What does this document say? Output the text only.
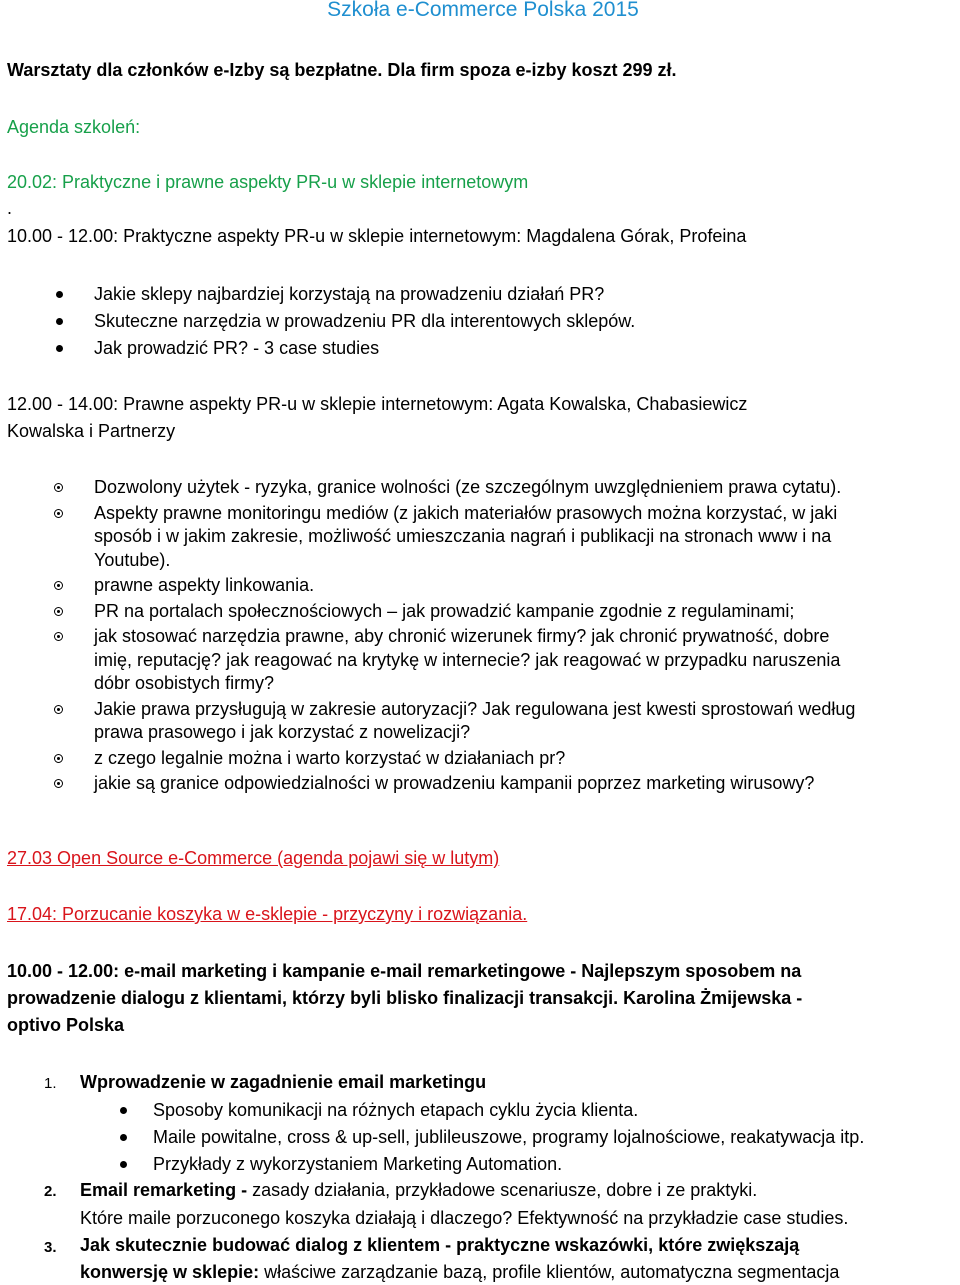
Szkoła e-Commerce Polska 2015
Warsztaty dla członków e-Izby są bezpłatne. Dla firm spoza e-izby koszt 299 zł.
Agenda szkoleń:
20.02: Praktyczne i prawne aspekty PR-u w sklepie internetowym
.
10.00 - 12.00: Praktyczne aspekty PR-u w sklepie internetowym: Magdalena Górak, Profeina
Jakie sklepy najbardziej korzystają na prowadzeniu działań PR?
Skuteczne narzędzia w prowadzeniu PR dla interentowych sklepów.
Jak prowadzić PR? - 3 case studies
12.00 - 14.00: Prawne aspekty PR-u w sklepie internetowym: Agata Kowalska, Chabasiewicz
Kowalska i Partnerzy
Dozwolony użytek - ryzyka, granice wolności (ze szczególnym uwzględnieniem prawa cytatu).
Aspekty prawne monitoringu mediów (z jakich materiałów prasowych można korzystać, w jaki
sposób i w jakim zakresie, możliwość umieszczania nagrań i publikacji na stronach www i na
Youtube).
prawne aspekty linkowania.
PR na portalach społecznościowych – jak prowadzić kampanie zgodnie z regulaminami;
jak stosować narzędzia prawne, aby chronić wizerunek firmy? jak chronić prywatność, dobre
imię, reputację? jak reagować na krytykę w internecie? jak reagować w przypadku naruszenia
dóbr osobistych firmy?
Jakie prawa przysługują w zakresie autoryzacji? Jak regulowana jest kwesti sprostowań według
prawa prasowego i jak korzystać z nowelizacji?
z czego legalnie można i warto korzystać w działaniach pr?
jakie są granice odpowiedzialności w prowadzeniu kampanii poprzez marketing wirusowy?
27.03 Open Source e-Commerce (agenda pojawi się w lutym)
17.04: Porzucanie koszyka w e-sklepie - przyczyny i rozwiązania.
10.00 - 12.00: e-mail marketing i kampanie e-mail remarketingowe - Najlepszym sposobem na
prowadzenie dialogu z klientami, którzy byli blisko finalizacji transakcji. Karolina Żmijewska -
optivo Polska
1. Wprowadzenie w zagadnienie email marketingu
Sposoby komunikacji na różnych etapach cyklu życia klienta.
Maile powitalne, cross & up-sell, jublileuszowe, programy lojalnościowe, reakatywacja itp.
Przykłady z wykorzystaniem Marketing Automation.
2. Email remarketing - zasady działania, przykładowe scenariusze, dobre i ze praktyki.
Które maile porzuconego koszyka działają i dlaczego? Efektywność na przykładzie case studies.
3. Jak skutecznie budować dialog z klientem - praktyczne wskazówki, które zwiększają
konwersję w sklepie: właściwe zarządzanie bazą, profile klientów, automatyczna segmentacja
